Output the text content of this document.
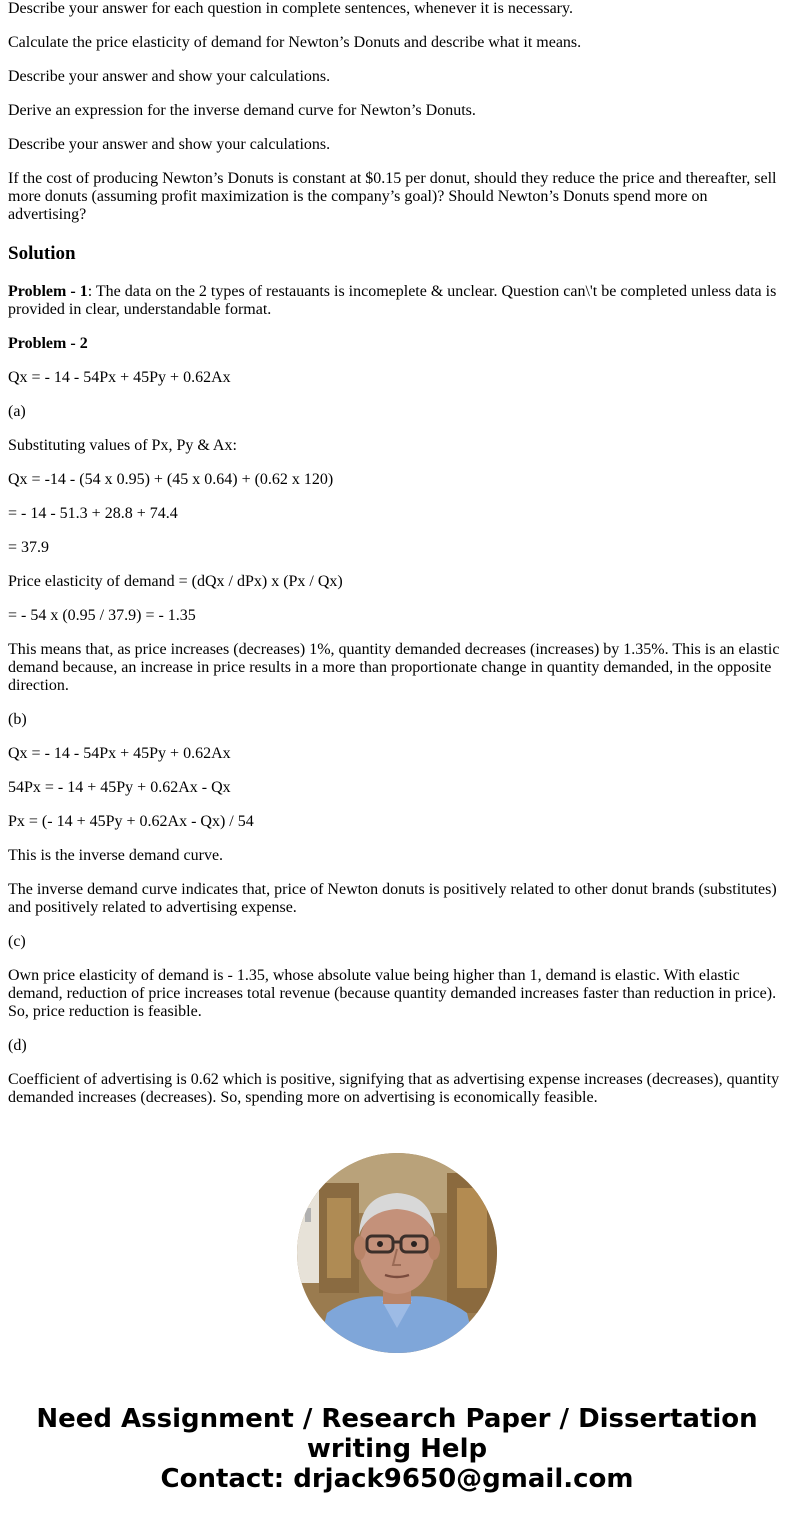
Describe your answer for each question in complete sentences, whenever it is necessary.

Calculate the price elasticity of demand for Newton’s Donuts and describe what it means.

Describe your answer and show your calculations.

Derive an expression for the inverse demand curve for Newton’s Donuts.

Describe your answer and show your calculations.

If the cost of producing Newton’s Donuts is constant at $0.15 per donut, should they reduce the price and thereafter, sell more donuts (assuming profit maximization is the company’s goal)? Should Newton’s Donuts spend more on advertising?

Solution

Problem - 1: The data on the 2 types of restauants is incomeplete & unclear. Question can\'t be completed unless data is provided in clear, understandable format.

Problem - 2

Qx = - 14 - 54Px + 45Py + 0.62Ax

(a)

Substituting values of Px, Py & Ax:

Qx = -14 - (54 x 0.95) + (45 x 0.64) + (0.62 x 120)

= - 14 - 51.3 + 28.8 + 74.4

= 37.9

Price elasticity of demand = (dQx / dPx) x (Px / Qx)

= - 54 x (0.95 / 37.9) = - 1.35

This means that, as price increases (decreases) 1%, quantity demanded decreases (increases) by 1.35%. This is an elastic demand because, an increase in price results in a more than proportionate change in quantity demanded, in the opposite direction.

(b)

Qx = - 14 - 54Px + 45Py + 0.62Ax

54Px = - 14 + 45Py + 0.62Ax - Qx

Px = (- 14 + 45Py + 0.62Ax - Qx) / 54

This is the inverse demand curve.

The inverse demand curve indicates that, price of Newton donuts is positively related to other donut brands (substitutes) and positively related to advertising expense.

(c)

Own price elasticity of demand is - 1.35, whose absolute value being higher than 1, demand is elastic. With elastic demand, reduction of price increases total revenue (because quantity demanded increases faster than reduction in price). So, price reduction is feasible.

(d)

Coefficient of advertising is 0.62 which is positive, signifying that as advertising expense increases (decreases), quantity demanded increases (decreases). So, spending more on advertising is economically feasible.

Need Assignment / Research Paper / Dissertation
writing Help
Contact: drjack9650@gmail.com
